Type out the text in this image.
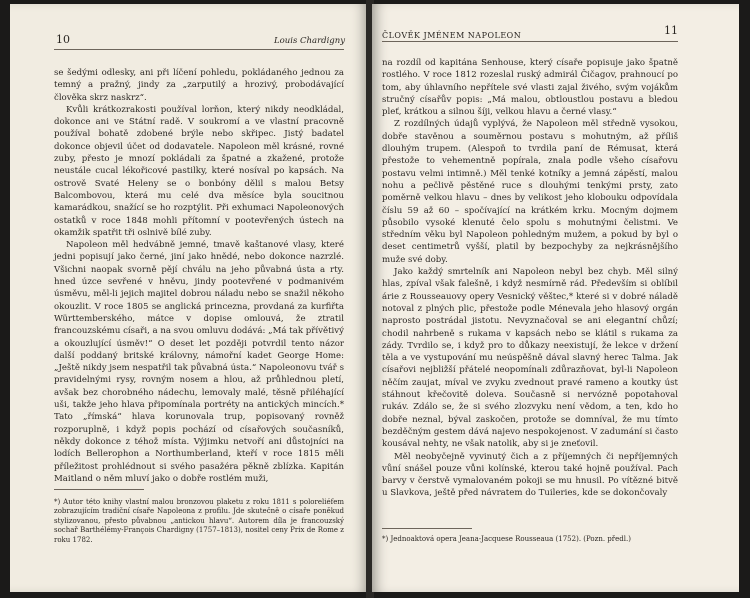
10	Louis Chardigny

se šedými odlesky, ani při líčení pohledu, pokládaného jednou za temný a pražný, jindy za „zarputilý a hrozivý, probodávající člověka skrz naskrz“.

Kvůli krátkozrakosti používal lorňon, který nikdy neodkládal, dokonce ani ve Státní radě. V soukromí a ve vlastní pracovně používal bohatě zdobené brýle nebo skřipec. Jistý badatel dokonce objevil účet od dodavatele. Napoleon měl krásné, rovné zuby, přesto je mnozí pokládali za špatné a zkažené, protože neustále cucal lékořicové pastilky, které nosíval po kapsách. Na ostrově Svaté Heleny se o bonbóny dělil s malou Betsy Balcombovou, která mu celé dva měsíce byla soucitnou kamarádkou, snažící se ho rozptýlit. Při exhumaci Napoleonových ostatků v roce 1848 mohli přítomní v pootevřených ústech na okamžik spatřit tři oslnivě bílé zuby.

Napoleon měl hedvábně jemné, tmavě kaštanové vlasy, které jedni popisují jako černé, jiní jako hnědé, nebo dokonce nazrzlé. Všichni naopak svorně pějí chválu na jeho půvabná ústa a rty. hned úzce sevřené v hněvu, jindy pootevřené v podmanivém úsměvu, měl-li jejich majitel dobrou náladu nebo se snažil někoho okouzlit. V roce 1805 se anglická princezna, provdaná za kurfiřta Württemberského, mátce v dopise omlouvá, že ztratil francouzskému císaři, a na svou omluvu dodává: „Má tak přívětivý a okouzlující úsměv!“ O deset let později potvrdil tento názor další poddaný britské královny, námořní kadet George Home: „Ještě nikdy jsem nespatřil tak půvabná ústa.“ Napoleonovu tvář s pravidelnými rysy, rovným nosem a hlou, až průhlednou pletí, avšak bez chorobného nádechu, lemovaly malé, těsně přiléhající uši, takže jeho hlava připomínala portréty na antických mincích.* Tato „římská“ hlava korunovala trup, popisovaný rovněž rozporuplně, i když popis pochází od císařových současníků, někdy dokonce z téhož místa. Výjimku netvoří ani důstojníci na lodích Bellerophon a Northumberland, kteří v roce 1815 měli příležitost prohlédnout si svého pasažéra pěkně zblízka. Kapitán Maitland o něm mluví jako o dobře rostlém muži,

*) Autor této knihy vlastní malou bronzovou plaketu z roku 1811 s poloreliéfem zobrazujícím tradiční císaře Napoleona z profilu. Jde skutečně o císaře poněkud stylizovanou, přesto půvabnou „antickou hlavu“. Autorem díla je francouzský sochař Barthélémy-François Chardigny (1757–1813), nositel ceny Prix de Rome z roku 1782.
ČLOVĚK JMÉNEM NAPOLEON	11

na rozdíl od kapitána Senhouse, který císaře popisuje jako špatně rostlého. V roce 1812 rozeslal ruský admirál Čičagov, prahnoucí po tom, aby úhlavního nepřítele své vlasti zajal živého, svým vojákům stručný císařův popis: „Má malou, obtloustlou postavu a bledou pleť, krátkou a silnou šíji, velkou hlavu a černé vlasy.“

Z rozdílných údajů vyplývá, že Napoleon měl středně vysokou, dobře stavěnou a souměrnou postavu s mohutným, až příliš dlouhým trupem. (Alespoň to tvrdila paní de Rémusat, která přestože to vehementně popírala, znala podle všeho císařovu postavu velmi intimně.) Měl tenké kotníky a jemná zápěstí, malou nohu a pečlivě pěstěné ruce s dlouhými tenkými prsty, zato poměrně velkou hlavu – dnes by velikost jeho klobouku odpovídala číslu 59 až 60 – spočívající na krátkém krku. Mocným dojmem působilo vysoké klenuté čelo spolu s mohutnými čelistmi. Ve středním věku byl Napoleon pohledným mužem, a pokud by byl o deset centimetrů vyšší, platil by bezpochyby za nejkrásnějšího muže své doby.

Jako každý smrtelník ani Napoleon nebyl bez chyb. Měl silný hlas, zpíval však falešně, i když nesmírně rád. Především si oblíbil árie z Rousseauovy opery Vesnický věštec,* které si v dobré náladě notoval z plných plic, přestože podle Ménevala jeho hlasový orgán naprosto postrádal jistotu. Nevyznačoval se ani elegantní chůzí; chodil nahrbeně s rukama v kapsách nebo se klátil s rukama za zády. Tvrdilo se, i když pro to důkazy neexistují, že lekce v držení těla a ve vystupování mu neúspěšně dával slavný herec Talma. Jak císařovi nejbližší přátelé neopomínali zdůrazňovat, byl-li Napoleon něčím zaujat, míval ve zvyku zvednout pravé rameno a koutky úst stáhnout křečovitě doleva. Současně si nervózně popotahoval rukáv. Zdálo se, že si svého zlozvyku není vědom, a ten, kdo ho dobře neznal, býval zaskočen, protože se domníval, že mu tímto bezděčným gestem dává najevo nespokojenost. V zadumání si často kousával nehty, ne však natolik, aby si je zneťovil.

Měl neobyčejně vyvinutý čich a z příjemných či nepříjemných vůní snášel pouze vůni kolínské, kterou také hojně používal. Pach barvy v čerstvě vymalovaném pokoji se mu hnusil. Po vítězné bitvě u Slavkova, ještě před návratem do Tuileries, kde se dokončovaly

*) Jednoaktová opera Jeana-Jacquese Rousseaua (1752). (Pozn. předl.)
